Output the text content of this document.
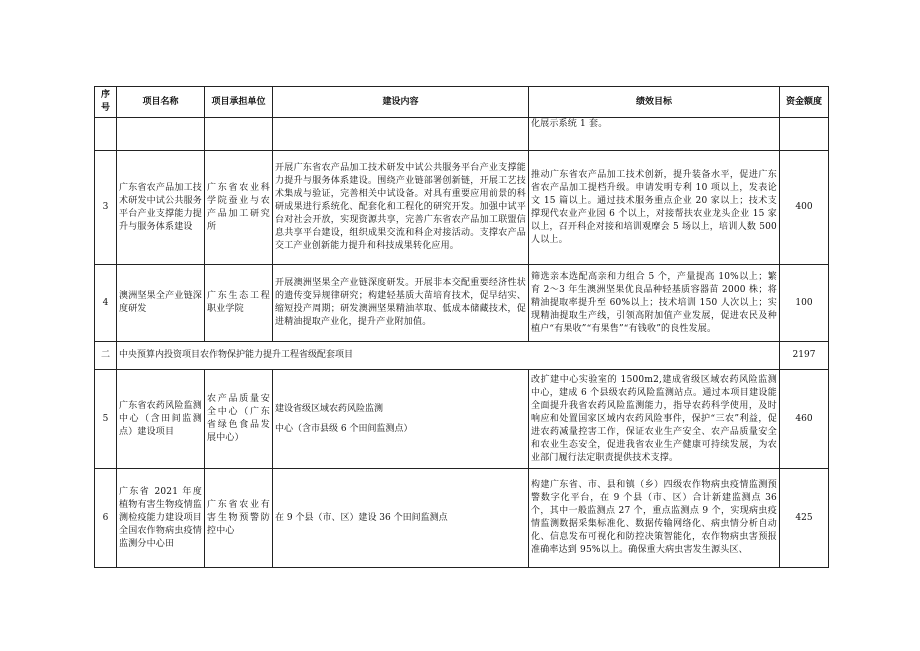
序号	项目名称	项目承担单位	建设内容	绩效目标	资金额度
				化展示系统 1 套。	
3	广东省农产品加工技术研发中试公共服务平台产业支撑能力提升与服务体系建设	广东省农业科学院蚕业与农产品加工研究所	开展广东省农产品加工技术研发中试公共服务平台产业支撑能力提升与服务体系建设。围绕产业链部署创新链，开展工艺技术集成与验证，完善相关中试设备。对具有重要应用前景的科研成果进行系统化、配套化和工程化的研究开发。加强中试平台对社会开放，实现资源共享，完善广东省农产品加工联盟信息共享平台建设，组织成果交流和科企对接活动。支撑农产品交工产业创新能力提升和科技成果转化应用。	推动广东省农产品加工技术创新，提升装备水平，促进广东省农产品加工提档升级。申请发明专利 10 项以上，发表论文 15 篇以上。通过技术服务重点企业 20 家以上；技术支撑现代农业产业园 6 个以上，对接帮扶农业龙头企业 15 家以上，召开科企对接和培训观摩会 5 场以上，培训人数 500 人以上。	400
4	澳洲坚果全产业链深度研发	广东生态工程职业学院	开展澳洲坚果全产业链深度研发。开展非本交配重要经济性状的遗传变异规律研究；构建轻基质大苗培育技术，促早结实、缩短投产周期；研发澳洲坚果精油萃取、低成本储藏技术，促进精油提取产业化，提升产业附加值。	筛选亲本选配高亲和力组合 5 个，产量提高 10%以上；繁育 2～3 年生澳洲坚果优良品种轻基质容器苗 2000 株；将精油提取率提升至 60%以上；技术培训 150 人次以上；实现精油提取生产线，引领高附加值产业发展，促进农民及种植户“有果收”“有果售”“有钱收”的良性发展。	100
二	中央预算内投资项目农作物保护能力提升工程省级配套项目				2197
5	广东省农药风险监测中心（含田间监测点）建设项目	农产品质量安全中心（广东省绿色食品发展中心）	建设省级区域农药风险监测
中心（含市县级 6 个田间监测点）	改扩建中心实验室的 1500m2,建成省级区域农药风险监测中心，建成 6 个县级农药风险监测站点。通过本项目建设能全面提升我省农药风险监测能力，指导农药科学使用，及时响应和处置国家区域内农药风险事件，保护“三农”利益，促进农药减量控害工作，保证农业生产安全、农产品质量安全和农业生态安全，促进我省农业生产健康可持续发展，为农业部门履行法定职责提供技术支撑。	460
6	广东省 2021 年度植物有害生物疫情监测检疫能力建设项目全国农作物病虫疫情监测分中心田	广东省农业有害生物预警防控中心	在 9 个县（市、区）建设 36 个田间监测点	构建广东省、市、县和镇（乡）四级农作物病虫疫情监测预警数字化平台，在 9 个县（市、区）合计新建监测点 36 个，其中一般监测点 27 个，重点监测点 9 个，实现病虫疫情监测数据采集标准化、数据传输网络化、病虫情分析自动化、信息发布可视化和防控决策智能化，农作物病虫害预报准确率达到 95%以上。确保重大病虫害发生源头区、	425
